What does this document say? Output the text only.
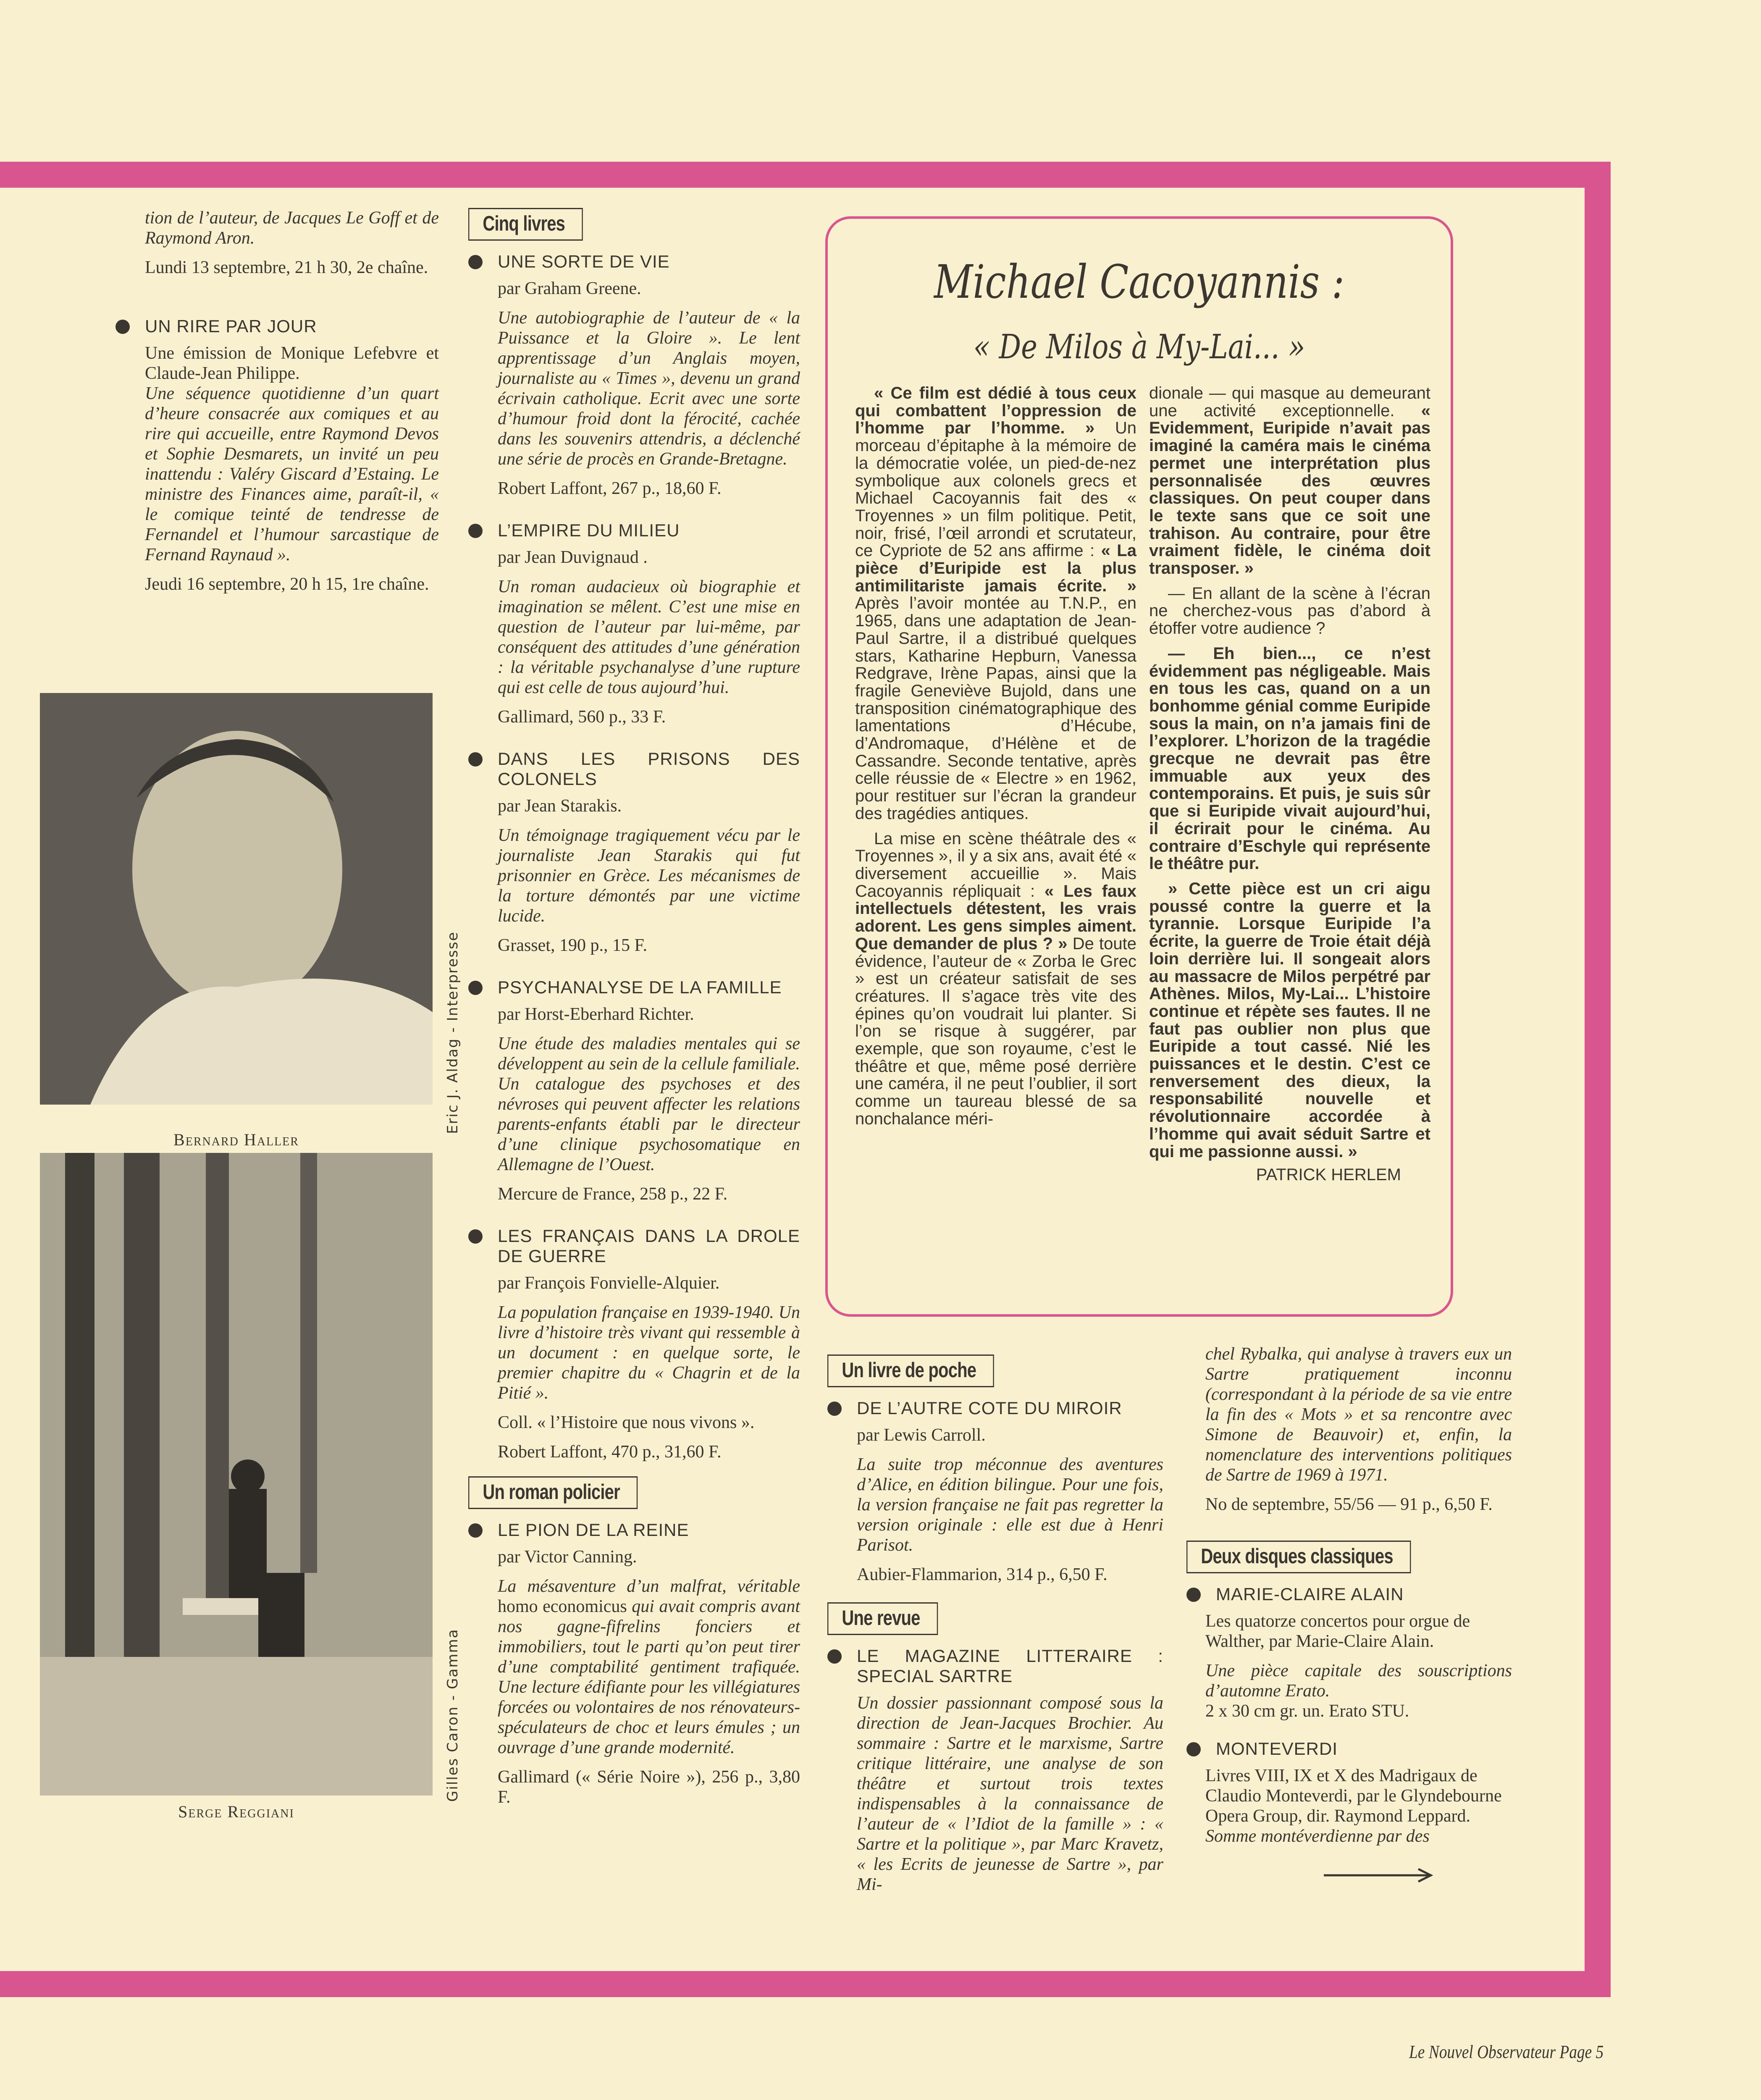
tion de l’auteur, de Jacques Le Goff et de Raymond Aron.

Lundi 13 septembre, 21 h 30, 2e chaîne.

UN RIRE PAR JOUR

Une émission de Monique Lefebvre et Claude-Jean Philippe.

Une séquence quotidienne d’un quart d’heure consacrée aux comiques et au rire qui accueille, entre Raymond Devos et Sophie Desmarets, un invité un peu inattendu : Valéry Giscard d’Estaing. Le ministre des Finances aime, paraît-il, « le comique teinté de tendresse de Fernandel et l’humour sarcastique de Fernand Raynaud ».

Jeudi 16 septembre, 20 h 15, 1re chaîne.

Eric J. Aldag - Interpresse
Bernard Haller
Gilles Caron - Gamma
Serge Reggiani
Cinq livres
UNE SORTE DE VIE

par Graham Greene.

Une autobiographie de l’auteur de « la Puissance et la Gloire ». Le lent apprentissage d’un Anglais moyen, journaliste au « Times », devenu un grand écrivain catholique. Ecrit avec une sorte d’humour froid dont la férocité, cachée dans les souvenirs attendris, a déclenché une série de procès en Grande-Bretagne.

Robert Laffont, 267 p., 18,60 F.

L’EMPIRE DU MILIEU

par Jean Duvignaud .

Un roman audacieux où biographie et imagination se mêlent. C’est une mise en question de l’auteur par lui-même, par conséquent des attitudes d’une génération : la véritable psychanalyse d’une rupture qui est celle de tous aujourd’hui.

Gallimard, 560 p., 33 F.

DANS LES PRISONS DES COLONELS

par Jean Starakis.

Un témoignage tragiquement vécu par le journaliste Jean Starakis qui fut prisonnier en Grèce. Les mécanismes de la torture démontés par une victime lucide.

Grasset, 190 p., 15 F.

PSYCHANALYSE DE LA FAMILLE

par Horst-Eberhard Richter.

Une étude des maladies mentales qui se développent au sein de la cellule familiale. Un catalogue des psychoses et des névroses qui peuvent affecter les relations parents-enfants établi par le directeur d’une clinique psychosomatique en Allemagne de l’Ouest.

Mercure de France, 258 p., 22 F.

LES FRANÇAIS DANS LA DROLE DE GUERRE

par François Fonvielle-Alquier.

La population française en 1939-1940. Un livre d’histoire très vivant qui ressemble à un document : en quelque sorte, le premier chapitre du « Chagrin et de la Pitié ».

Coll. « l’Histoire que nous vivons ».

Robert Laffont, 470 p., 31,60 F.

Un roman policier
LE PION DE LA REINE

par Victor Canning.

La mésaventure d’un malfrat, véritable homo economicus qui avait compris avant nos gagne-fifrelins fonciers et immobiliers, tout le parti qu’on peut tirer d’une comptabilité gentiment trafiquée. Une lecture édifiante pour les villégiatures forcées ou volontaires de nos rénovateurs-spéculateurs de choc et leurs émules ; un ouvrage d’une grande modernité.

Gallimard (« Série Noire »), 256 p., 3,80 F.

Michael Cacoyannis :
« De Milos à My-Lai... »

« Ce film est dédié à tous ceux qui combattent l’oppression de l’homme par l’homme. » Un morceau d’épitaphe à la mémoire de la démocratie volée, un pied-de-nez symbolique aux colonels grecs et Michael Cacoyannis fait des « Troyennes » un film politique. Petit, noir, frisé, l’œil arrondi et scrutateur, ce Cypriote de 52 ans affirme : « La pièce d’Euripide est la plus antimilitariste jamais écrite. » Après l’avoir montée au T.N.P., en 1965, dans une adaptation de Jean-Paul Sartre, il a distribué quelques stars, Katharine Hepburn, Vanessa Redgrave, Irène Papas, ainsi que la fragile Geneviève Bujold, dans une transposition cinématographique des lamentations d’Hécube, d’Andromaque, d’Hélène et de Cassandre. Seconde tentative, après celle réussie de « Electre » en 1962, pour restituer sur l’écran la grandeur des tragédies antiques.

La mise en scène théâtrale des « Troyennes », il y a six ans, avait été « diversement accueillie ». Mais Cacoyannis répliquait : « Les faux intellectuels détestent, les vrais adorent. Les gens simples aiment. Que demander de plus ? » De toute évidence, l’auteur de « Zorba le Grec » est un créateur satisfait de ses créatures. Il s’agace très vite des épines qu’on voudrait lui planter. Si l’on se risque à suggérer, par exemple, que son royaume, c’est le théâtre et que, même posé derrière une caméra, il ne peut l’oublier, il sort comme un taureau blessé de sa nonchalance méri-

dionale — qui masque au demeurant une activité exceptionnelle. « Evidemment, Euripide n’avait pas imaginé la caméra mais le cinéma permet une interprétation plus personnalisée des œuvres classiques. On peut couper dans le texte sans que ce soit une trahison. Au contraire, pour être vraiment fidèle, le cinéma doit transposer. »

— En allant de la scène à l’écran ne cherchez-vous pas d’abord à étoffer votre audience ?

— Eh bien..., ce n’est évidemment pas négligeable. Mais en tous les cas, quand on a un bonhomme génial comme Euripide sous la main, on n’a jamais fini de l’explorer. L’horizon de la tragédie grecque ne devrait pas être immuable aux yeux des contemporains. Et puis, je suis sûr que si Euripide vivait aujourd’hui, il écrirait pour le cinéma. Au contraire d’Eschyle qui représente le théâtre pur.

» Cette pièce est un cri aigu poussé contre la guerre et la tyrannie. Lorsque Euripide l’a écrite, la guerre de Troie était déjà loin derrière lui. Il songeait alors au massacre de Milos perpétré par Athènes. Milos, My-Lai... L’histoire continue et répète ses fautes. Il ne faut pas oublier non plus que Euripide a tout cassé. Nié les puissances et le destin. C’est ce renversement des dieux, la responsabilité nouvelle et révolutionnaire accordée à l’homme qui avait séduit Sartre et qui me passionne aussi. »

PATRICK HERLEM

Un livre de poche
DE L’AUTRE COTE DU MIROIR

par Lewis Carroll.

La suite trop méconnue des aventures d’Alice, en édition bilingue. Pour une fois, la version française ne fait pas regretter la version originale : elle est due à Henri Parisot.

Aubier-Flammarion, 314 p., 6,50 F.

Une revue
LE MAGAZINE LITTERAIRE : SPECIAL SARTRE

Un dossier passionnant composé sous la direction de Jean-Jacques Brochier. Au sommaire : Sartre et le marxisme, Sartre critique littéraire, une analyse de son théâtre et surtout trois textes indispensables à la connaissance de l’auteur de « l’Idiot de la famille » : « Sartre et la politique », par Marc Kravetz, « les Ecrits de jeunesse de Sartre », par Mi-

chel Rybalka, qui analyse à travers eux un Sartre pratiquement inconnu (correspondant à la période de sa vie entre la fin des « Mots » et sa rencontre avec Simone de Beauvoir) et, enfin, la nomenclature des interventions politiques de Sartre de 1969 à 1971.

No de septembre, 55/56 — 91 p., 6,50 F.

Deux disques classiques
MARIE-CLAIRE ALAIN

Les quatorze concertos pour orgue de Walther, par Marie-Claire Alain.

Une pièce capitale des souscriptions d’automne Erato.

2 x 30 cm gr. un. Erato STU.

MONTEVERDI

Livres VIII, IX et X des Madrigaux de Claudio Monteverdi, par le Glyndebourne Opera Group, dir. Raymond Leppard.

Somme montéverdienne par des

Le Nouvel Observateur Page 5
